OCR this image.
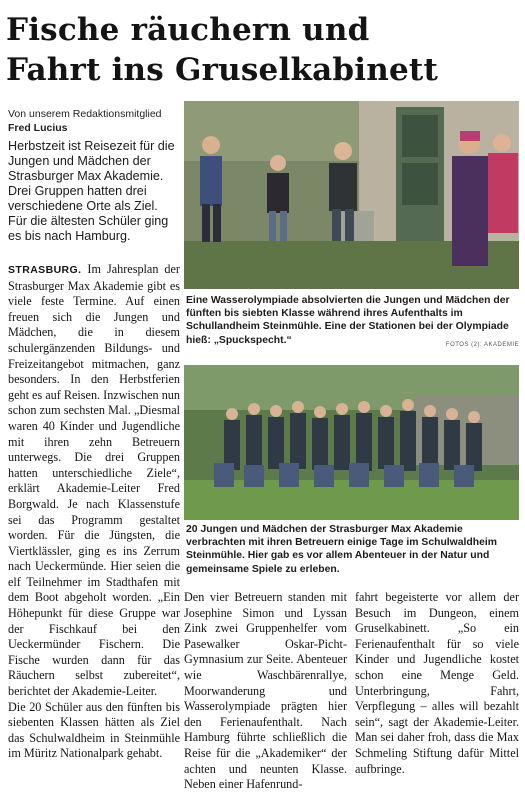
Fische räuchern und
Fahrt ins Gruselkabinett
Von unserem Redaktionsmitglied
Fred Lucius

Herbstzeit ist Reisezeit für die Jungen und Mädchen der Strasburger Max Akademie. Drei Gruppen hatten drei verschiedene Orte als Ziel. Für die ältesten Schüler ging es bis nach Hamburg.

Eine Wasserolympiade absolvierten die Jungen und Mädchen der fünften bis siebten Klasse während ihres Aufenthalts im Schullandheim Steinmühle. Eine der Stationen bei der Olympiade hieß: „Spuckspecht.“	FOTOS (2): AKADEMIE

20 Jungen und Mädchen der Strasburger Max Akademie verbrachten mit ihren Betreuern einige Tage im Schulwaldheim Steinmühle. Hier gab es vor allem Abenteuer in der Natur und gemeinsame Spiele zu erleben.

STRASBURG. Im Jahresplan der Strasburger Max Akademie gibt es viele feste Termine. Auf einen freuen sich die Jungen und Mädchen, die in diesem schulergänzenden Bildungs- und Freizeitangebot mitmachen, ganz besonders. In den Herbstferien geht es auf Reisen. Inzwischen nun schon zum sechsten Mal. „Diesmal waren 40 Kinder und Jugendliche mit ihren zehn Betreuern unterwegs. Die drei Gruppen hatten unterschiedliche Ziele“, erklärt Akademie-Leiter Fred Borgwald. Je nach Klassenstufe sei das Programm gestaltet worden. Für die Jüngsten, die Viertklässler, ging es ins Zerrum nach Ueckermünde. Hier seien die elf Teilnehmer im Stadthafen mit dem Boot abgeholt worden. „Ein Höhepunkt für diese Gruppe war der Fischkauf bei den Ueckermünder Fischern. Die Fische wurden dann für das Räuchern selbst zubereitet“, berichtet der Akademie-Leiter.
Die 20 Schüler aus den fünften bis siebenten Klassen hätten als Ziel das Schulwaldheim in Steinmühle im Müritz Nationalpark gehabt.
Den vier Betreuern standen mit Josephine Simon und Lyssan Zink zwei Gruppenhelfer vom Pasewalker Oskar-Picht-Gymnasium zur Seite. Abenteuer wie Waschbärenrallye, Moorwanderung und Wasserolympiade prägten hier den Ferienaufenthalt. Nach Hamburg führte schließlich die Reise für die „Akademiker“ der achten und neunten Klasse. Neben einer Hafenrund-
fahrt begeisterte vor allem der Besuch im Dungeon, einem Gruselkabinett. „So ein Ferienaufenthalt für so viele Kinder und Jugendliche kostet schon eine Menge Geld. Unterbringung, Fahrt, Verpflegung – alles will bezahlt sein“, sagt der Akademie-Leiter. Man sei daher froh, dass die Max Schmeling Stiftung dafür Mittel aufbringe.
